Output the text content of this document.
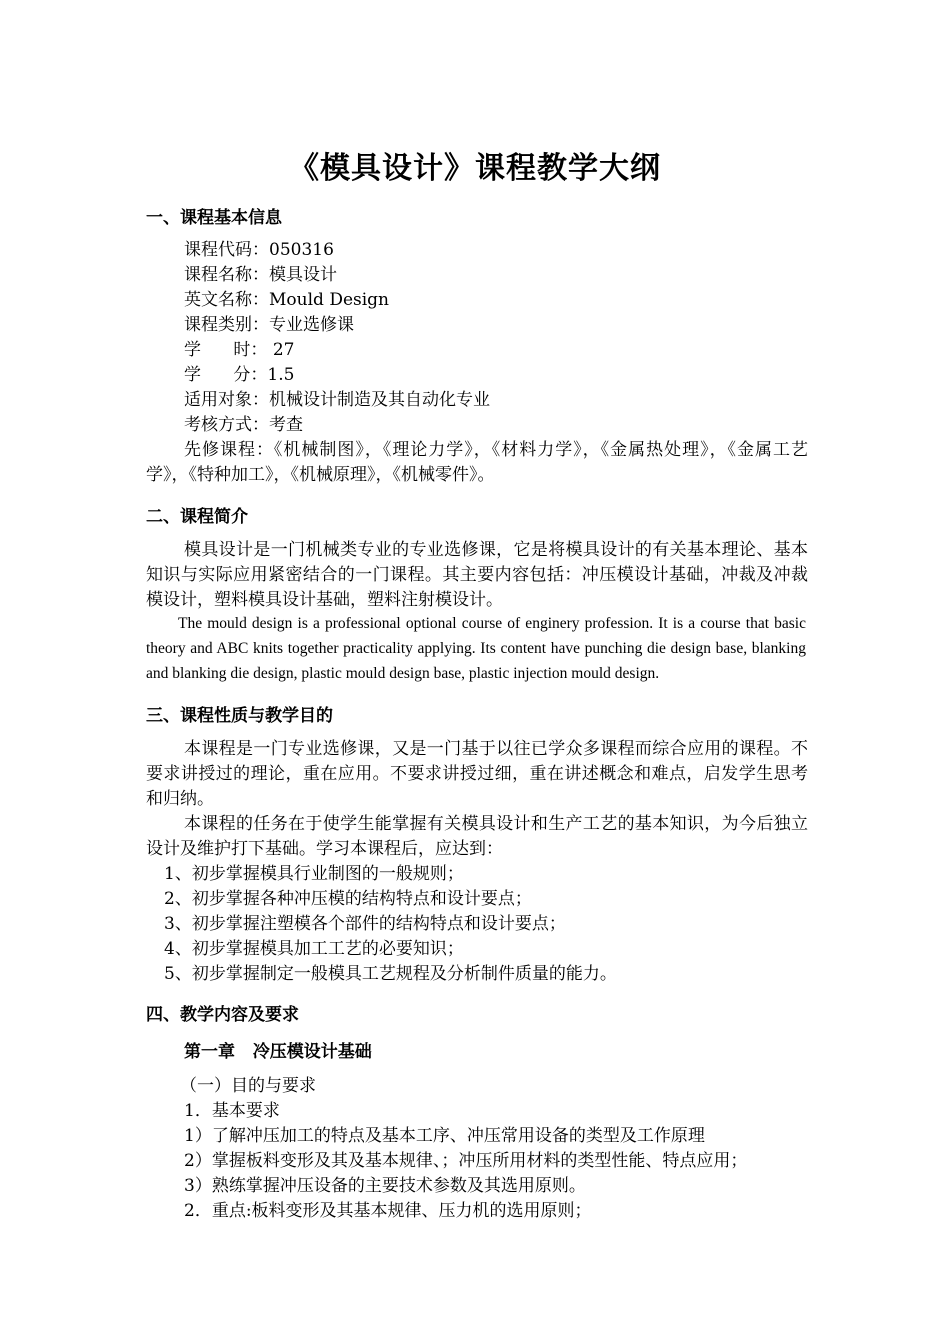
《模具设计》课程教学大纲
一、课程基本信息
课程代码：050316
课程名称：模具设计
英文名称：Mould Design
课程类别：专业选修课
学      时： 27
学      分：1.5
适用对象：机械设计制造及其自动化专业
考核方式：考查
先修课程：《机械制图》，《理论力学》，《材料力学》，《金属热处理》，《金属工艺学》，《特种加工》，《机械原理》，《机械零件》。
二、课程简介
模具设计是一门机械类专业的专业选修课，它是将模具设计的有关基本理论、基本知识与实际应用紧密结合的一门课程。其主要内容包括：冲压模设计基础，冲裁及冲裁模设计，塑料模具设计基础，塑料注射模设计。
The mould design is a professional optional course of enginery profession. It is a course that basic theory and ABC knits together practicality applying. Its content have punching die design base, blanking and blanking die design, plastic mould design base, plastic injection mould design.
三、课程性质与教学目的
本课程是一门专业选修课，又是一门基于以往已学众多课程而综合应用的课程。不要求讲授过的理论，重在应用。不要求讲授过细，重在讲述概念和难点，启发学生思考和归纳。
本课程的任务在于使学生能掌握有关模具设计和生产工艺的基本知识，为今后独立设计及维护打下基础。学习本课程后，应达到：
1、初步掌握模具行业制图的一般规则；
2、初步掌握各种冲压模的结构特点和设计要点；
3、初步掌握注塑模各个部件的结构特点和设计要点；
4、初步掌握模具加工工艺的必要知识；
5、初步掌握制定一般模具工艺规程及分析制件质量的能力。
四、教学内容及要求
第一章   冷压模设计基础
（一）目的与要求
1．基本要求
1）了解冲压加工的特点及基本工序、冲压常用设备的类型及工作原理
2）掌握板料变形及其及基本规律、；冲压所用材料的类型性能、特点应用；
3）熟练掌握冲压设备的主要技术参数及其选用原则。
2．重点:板料变形及其基本规律、压力机的选用原则；
